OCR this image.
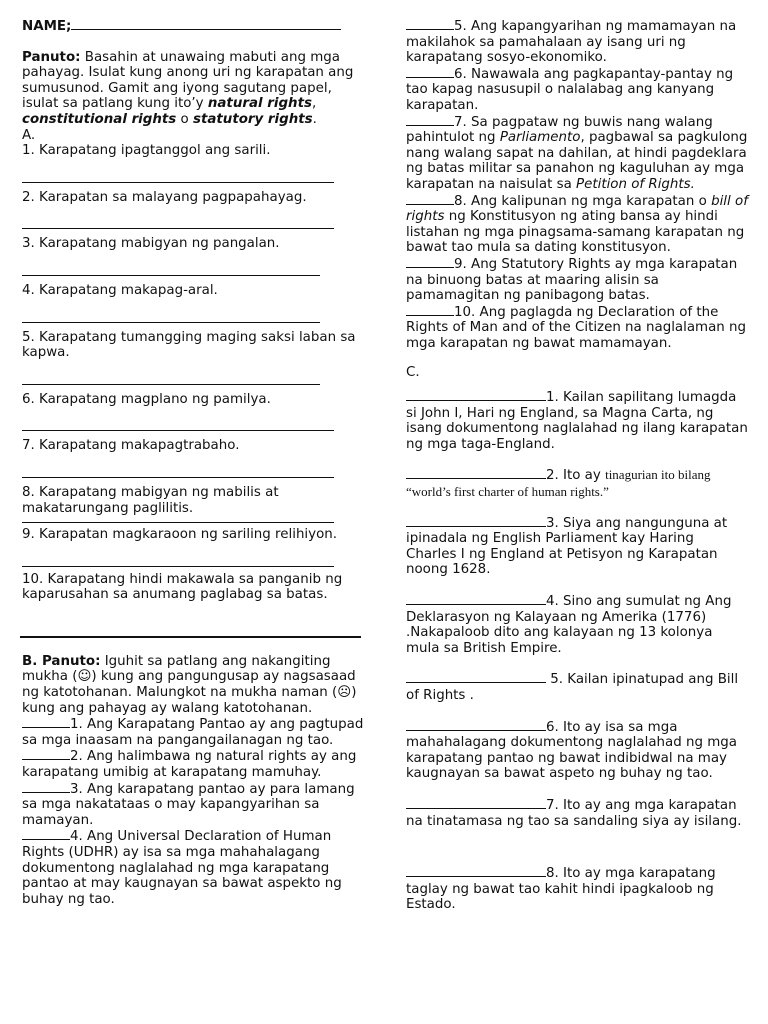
NAME;
Panuto: Basahin at unawaing mabuti ang mga pahayag. Isulat kung anong uri ng karapatan ang sumusunod. Gamit ang iyong sagutang papel, isulat sa patlang kung ito’y natural rights, constitutional rights o statutory rights.
A.
1. Karapatang ipagtanggol ang sarili.
2. Karapatan sa malayang pagpapahayag.
3. Karapatang mabigyan ng pangalan.
4. Karapatang makapag-aral.
5. Karapatang tumangging maging saksi laban sa kapwa.
6. Karapatang magplano ng pamilya.
7. Karapatang makapagtrabaho.
8. Karapatang mabigyan ng mabilis at makatarungang paglilitis.
9. Karapatan magkaraoon ng sariling relihiyon.
10. Karapatang hindi makawala sa panganib ng kaparusahan sa anumang paglabag sa batas.
B. Panuto: Iguhit sa patlang ang nakangiting mukha (☺) kung ang pangungusap ay nagsasaad ng katotohanan. Malungkot na mukha naman (☹) kung ang pahayag ay walang katotohanan.
1. Ang Karapatang Pantao ay ang pagtupad sa mga inaasam na pangangailanagan ng tao.
2. Ang halimbawa ng natural rights ay ang karapatang umibig at karapatang mamuhay.
3. Ang karapatang pantao ay para lamang sa mga nakatataas o may kapangyarihan sa mamayan.
4. Ang Universal Declaration of Human Rights (UDHR) ay isa sa mga mahahalagang dokumentong naglalahad ng mga karapatang pantao at may kaugnayan sa bawat aspekto ng buhay ng tao.
5. Ang kapangyarihan ng mamamayan na makilahok sa pamahalaan ay isang uri ng karapatang sosyo-ekonomiko.
6. Nawawala ang pagkapantay-pantay ng tao kapag nasusupil o nalalabag ang kanyang karapatan.
7. Sa pagpataw ng buwis nang walang pahintulot ng Parliamento, pagbawal sa pagkulong nang walang sapat na dahilan, at hindi pagdeklara ng batas militar sa panahon ng kaguluhan ay mga karapatan na naisulat sa Petition of Rights.
8. Ang kalipunan ng mga karapatan o bill of rights ng Konstitusyon ng ating bansa ay hindi listahan ng mga pinagsama-samang karapatan ng bawat tao mula sa dating konstitusyon.
9. Ang Statutory Rights ay mga karapatan na binuong batas at maaring alisin sa pamamagitan ng panibagong batas.
10. Ang paglagda ng Declaration of the Rights of Man and of the Citizen na naglalaman ng mga karapatan ng bawat mamamayan.
C.
1. Kailan sapilitang lumagda si John I, Hari ng England, sa Magna Carta, ng isang dokumentong naglalahad ng ilang karapatan ng mga taga-England.
2. Ito ay tinagurian ito bilang “world’s first charter of human rights.”
3. Siya ang nangunguna at ipinadala ng English Parliament kay Haring Charles I ng England at Petisyon ng Karapatan noong 1628.
4. Sino ang sumulat ng Ang Deklarasyon ng Kalayaan ng Amerika (1776) .Nakapaloob dito ang kalayaan ng 13 kolonya mula sa British Empire.
5. Kailan ipinatupad ang Bill of Rights .
6. Ito ay isa sa mga mahahalagang dokumentong naglalahad ng mga karapatang pantao ng bawat indibidwal na may kaugnayan sa bawat aspeto ng buhay ng tao.
7. Ito ay ang mga karapatan na tinatamasa ng tao sa sandaling siya ay isilang.
8. Ito ay mga karapatang taglay ng bawat tao kahit hindi ipagkaloob ng Estado.
